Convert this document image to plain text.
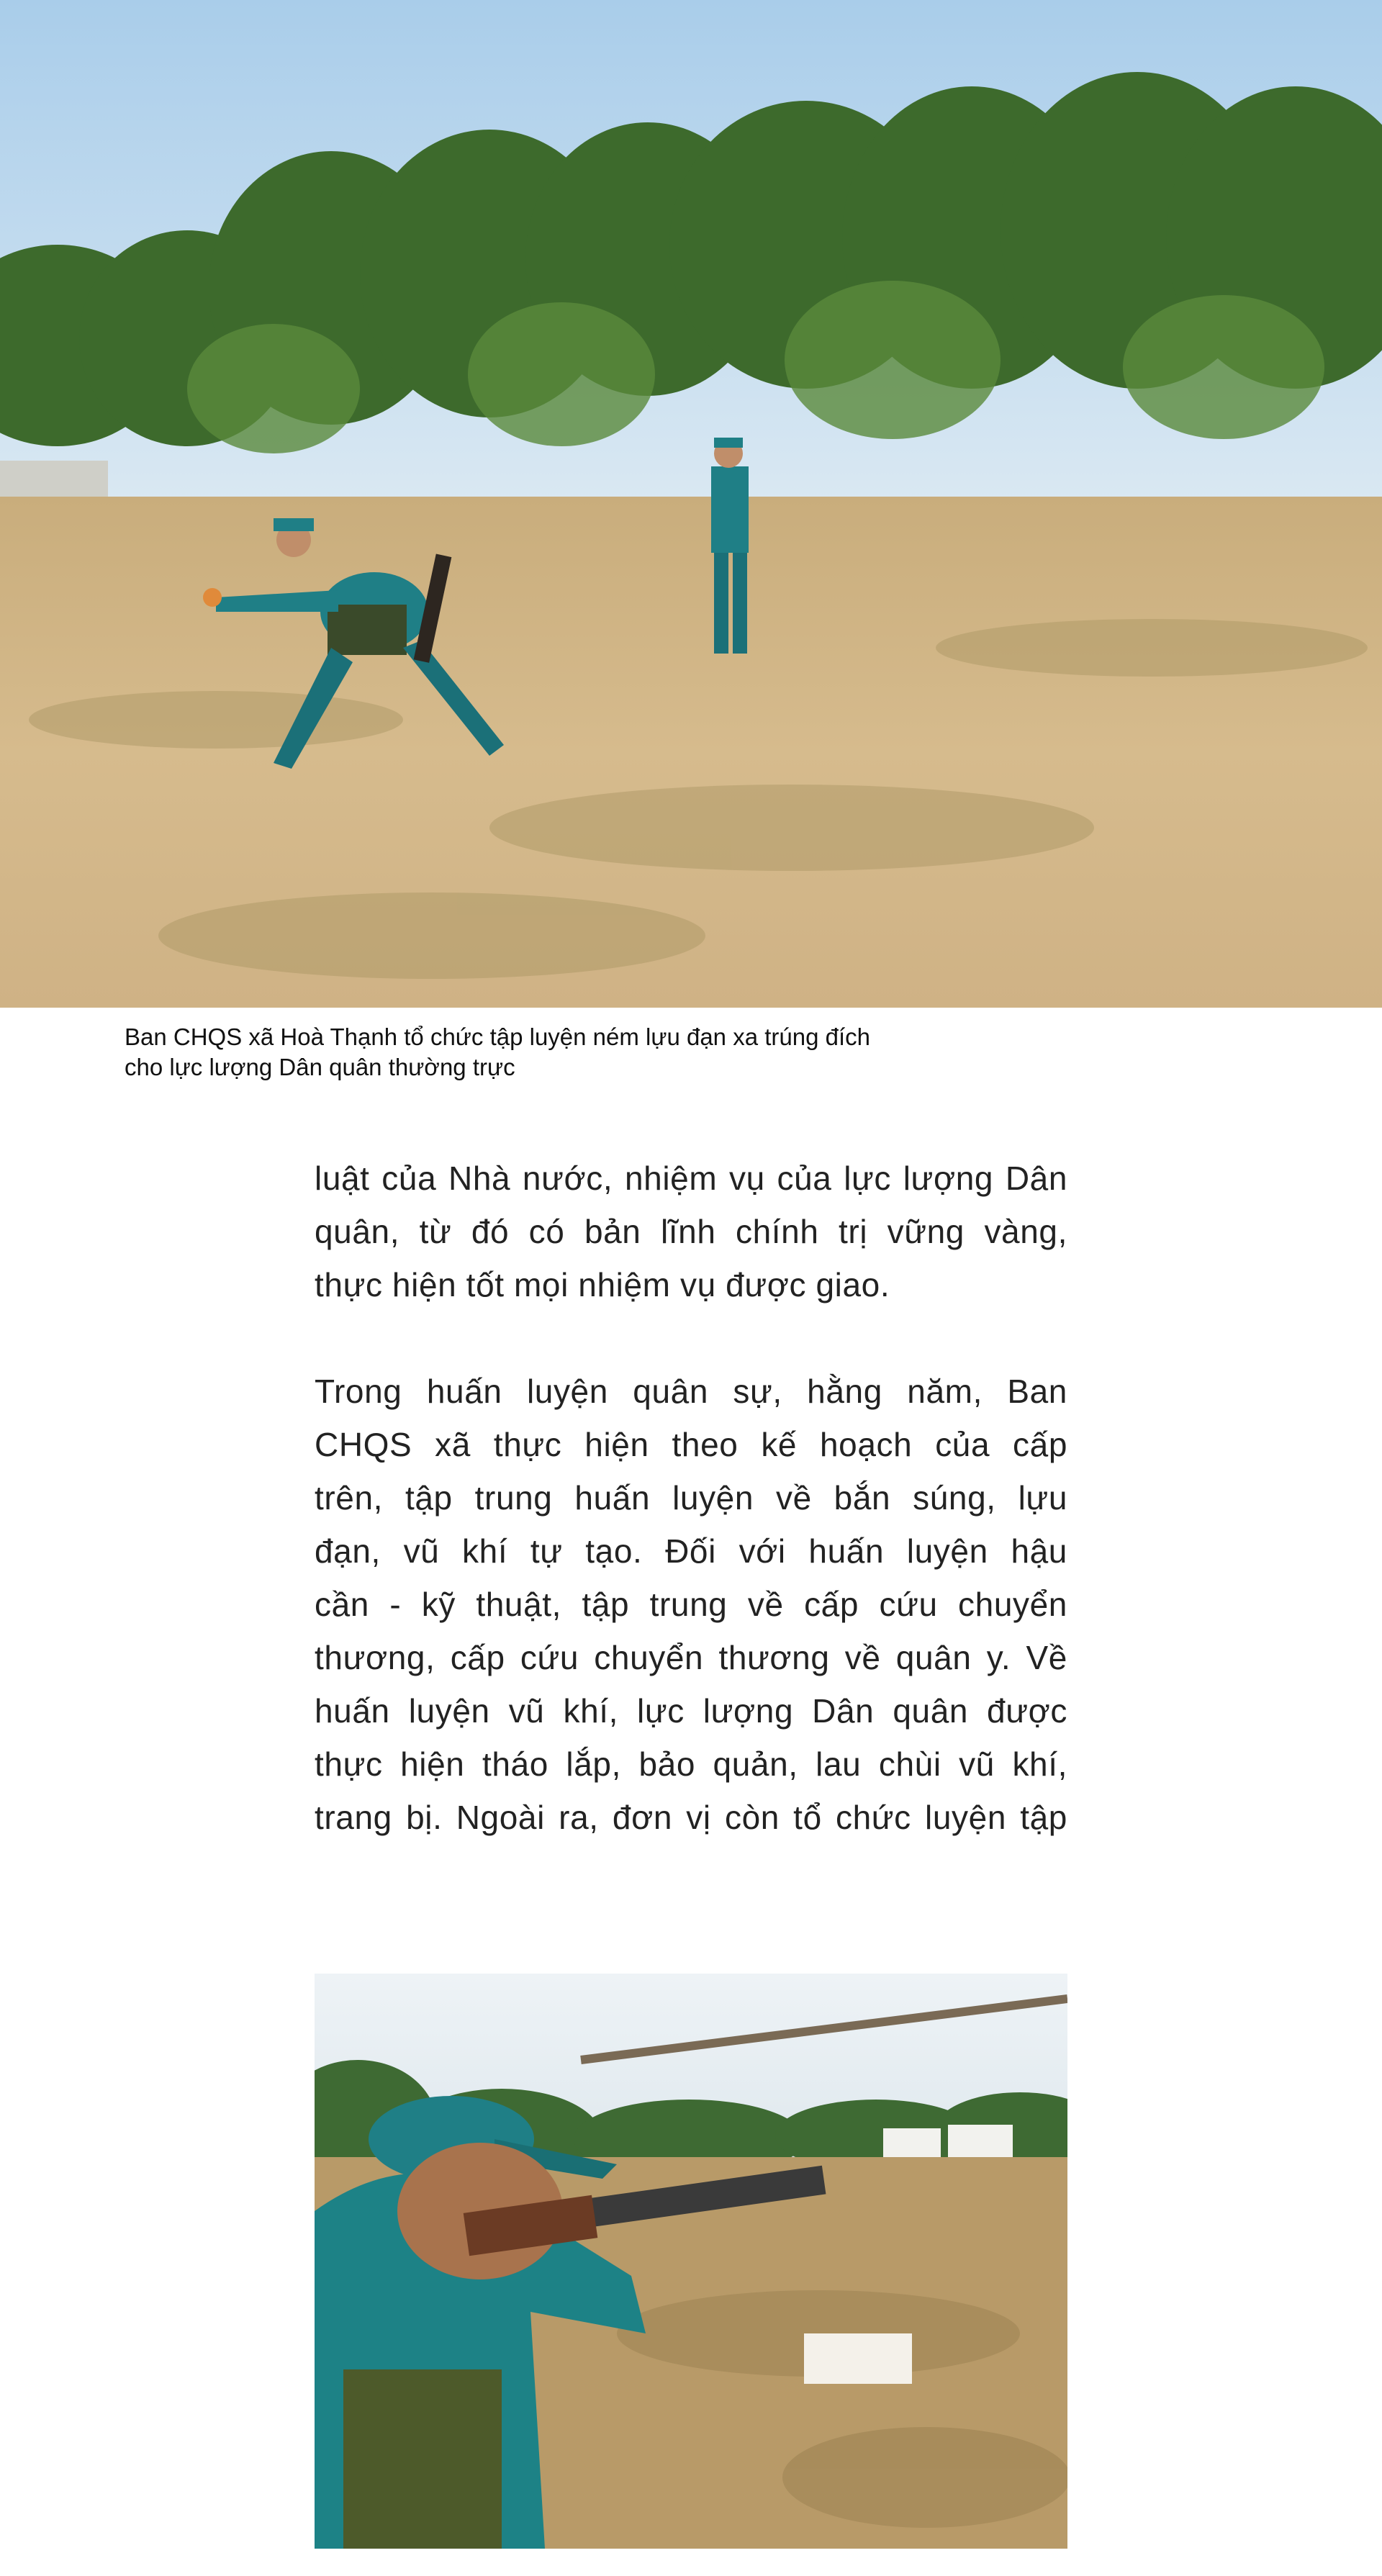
Ban CHQS xã Hoà Thạnh tổ chức tập luyện ném lựu đạn xa trúng đích
cho lực lượng Dân quân thường trực
luật của Nhà nước, nhiệm vụ của lực lượng Dân
quân, từ đó có bản lĩnh chính trị vững vàng,
thực hiện tốt mọi nhiệm vụ được giao.
Trong huấn luyện quân sự, hằng năm, Ban
CHQS xã thực hiện theo kế hoạch của cấp
trên, tập trung huấn luyện về bắn súng, lựu
đạn, vũ khí tự tạo. Đối với huấn luyện hậu
cần - kỹ thuật, tập trung về cấp cứu chuyển
thương, cấp cứu chuyển thương về quân y. Về
huấn luyện vũ khí, lực lượng Dân quân được
thực hiện tháo lắp, bảo quản, lau chùi vũ khí,
trang bị. Ngoài ra, đơn vị còn tổ chức luyện tập
